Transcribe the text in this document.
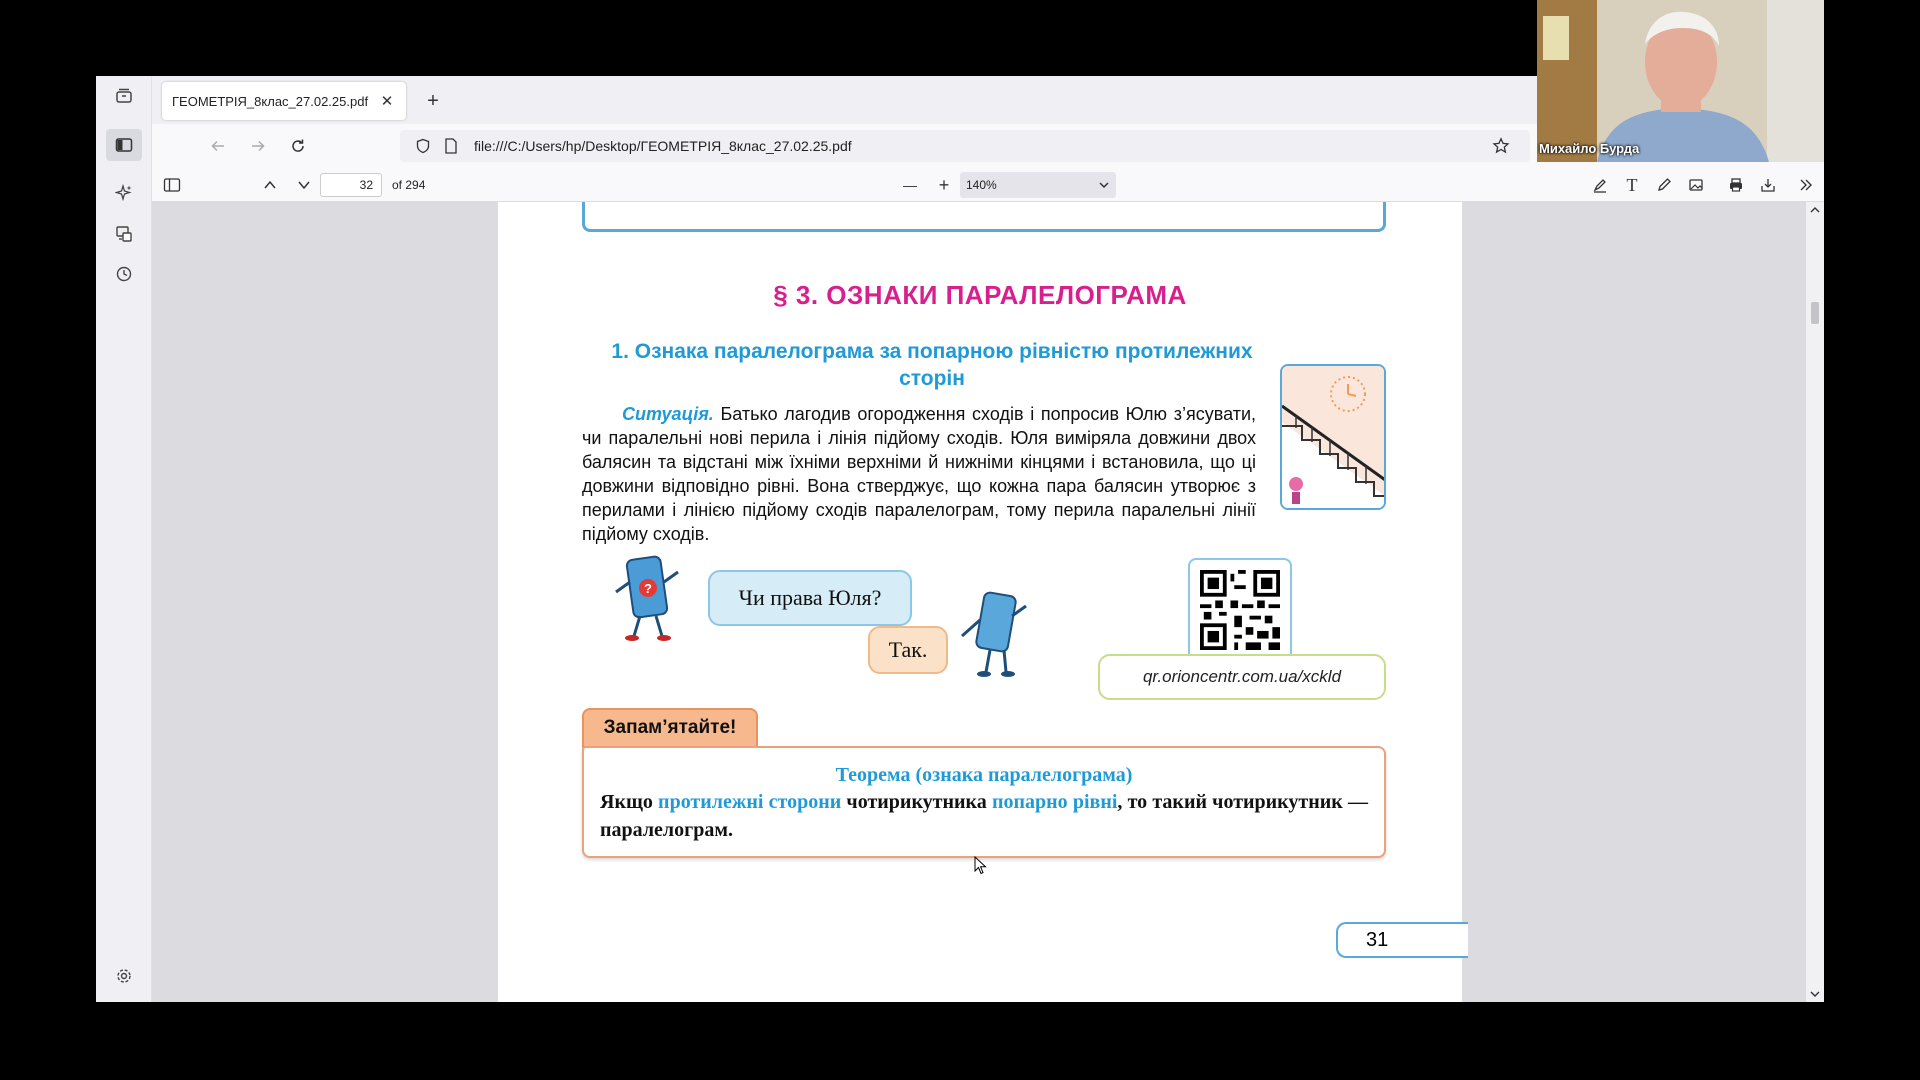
ГЕОМЕТРІЯ_8клас_27.02.25.pdf ✕	+
file:///C:/Users/hp/Desktop/ГЕОМЕТРІЯ_8клас_27.02.25.pdf
32	of 294	—	+	140%	T
§ 3. ОЗНАКИ ПАРАЛЕЛОГРАМА
1. Ознака паралелограма за попарною рівністю протилежних сторін
Ситуація. Батько лагодив огородження сходів і попросив Юлю з’ясувати, чи паралельні нові перила і лінія підйому сходів. Юля виміряла довжини двох балясин та відстані між їхніми верхніми й нижніми кінцями і встановила, що ці довжини відповідно рівні. Вона стверджує, що кожна пара балясин утворює з перилами і лінією підйому сходів паралелограм, тому перила паралельні лінії підйому сходів.
?	Чи права Юля?
Так.
qr.orioncentr.com.ua/xckld
Запам’ятайте!
Теорема (ознака паралелограма)
Якщо протилежні сторони чотирикутника попарно рівні, то такий чотирикутник — паралелограм.
31
Михайло Бурда
